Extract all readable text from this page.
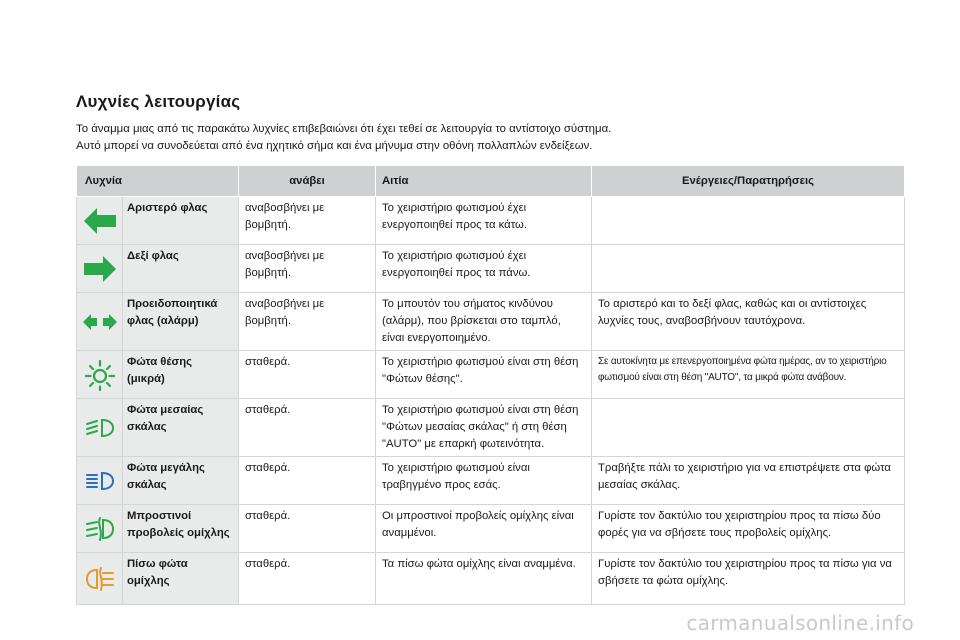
Λυχνίες λειτουργίας

Το άναμμα μιας από τις παρακάτω λυχνίες επιβεβαιώνει ότι έχει τεθεί σε λειτουργία το αντίστοιχο σύστημα.

Αυτό μπορεί να συνοδεύεται από ένα ηχητικό σήμα και ένα μήνυμα στην οθόνη πολλαπλών ενδείξεων.

Λυχνία		ανάβει	Αιτία	Ενέργειες/Παρατηρήσεις

	Αριστερό φλας	αναβοσβήνει με βομβητή.	Το χειριστήριο φωτισμού έχει ενεργοποιηθεί προς τα κάτω.	

	Δεξί φλας	αναβοσβήνει με βομβητή.	Το χειριστήριο φωτισμού έχει ενεργοποιηθεί προς τα πάνω.	

	Προειδοποιητικά φλας (αλάρμ)	αναβοσβήνει με βομβητή.	Το μπουτόν του σήματος κινδύνου (αλάρμ), που βρίσκεται στο ταμπλό, είναι ενεργοποιημένο.	Το αριστερό και το δεξί φλας, καθώς και οι αντίστοιχες λυχνίες τους, αναβοσβήνουν ταυτόχρονα.

	Φώτα θέσης (μικρά)	σταθερά.	Το χειριστήριο φωτισμού είναι στη θέση "Φώτων θέσης".	Σε αυτοκίνητα με επενεργοποιημένα φώτα ημέρας, αν το χειριστήριο φωτισμού είναι στη θέση "AUTO", τα μικρά φώτα ανάβουν.

	Φώτα μεσαίας σκάλας	σταθερά.	Το χειριστήριο φωτισμού είναι στη θέση "Φώτων μεσαίας σκάλας" ή στη θέση "AUTO" με επαρκή φωτεινότητα.	

	Φώτα μεγάλης σκάλας	σταθερά.	Το χειριστήριο φωτισμού είναι τραβηγμένο προς εσάς.	Τραβήξτε πάλι το χειριστήριο για να επιστρέψετε στα φώτα μεσαίας σκάλας.

	Μπροστινοί προβολείς ομίχλης	σταθερά.	Οι μπροστινοί προβολείς ομίχλης είναι αναμμένοι.	Γυρίστε τον δακτύλιο του χειριστηρίου προς τα πίσω δύο φορές για να σβήσετε τους προβολείς ομίχλης.

	Πίσω φώτα ομίχλης	σταθερά.	Τα πίσω φώτα ομίχλης είναι αναμμένα.	Γυρίστε τον δακτύλιο του χειριστηρίου προς τα πίσω για να σβήσετε τα φώτα ομίχλης.
carmanualsonline.info
